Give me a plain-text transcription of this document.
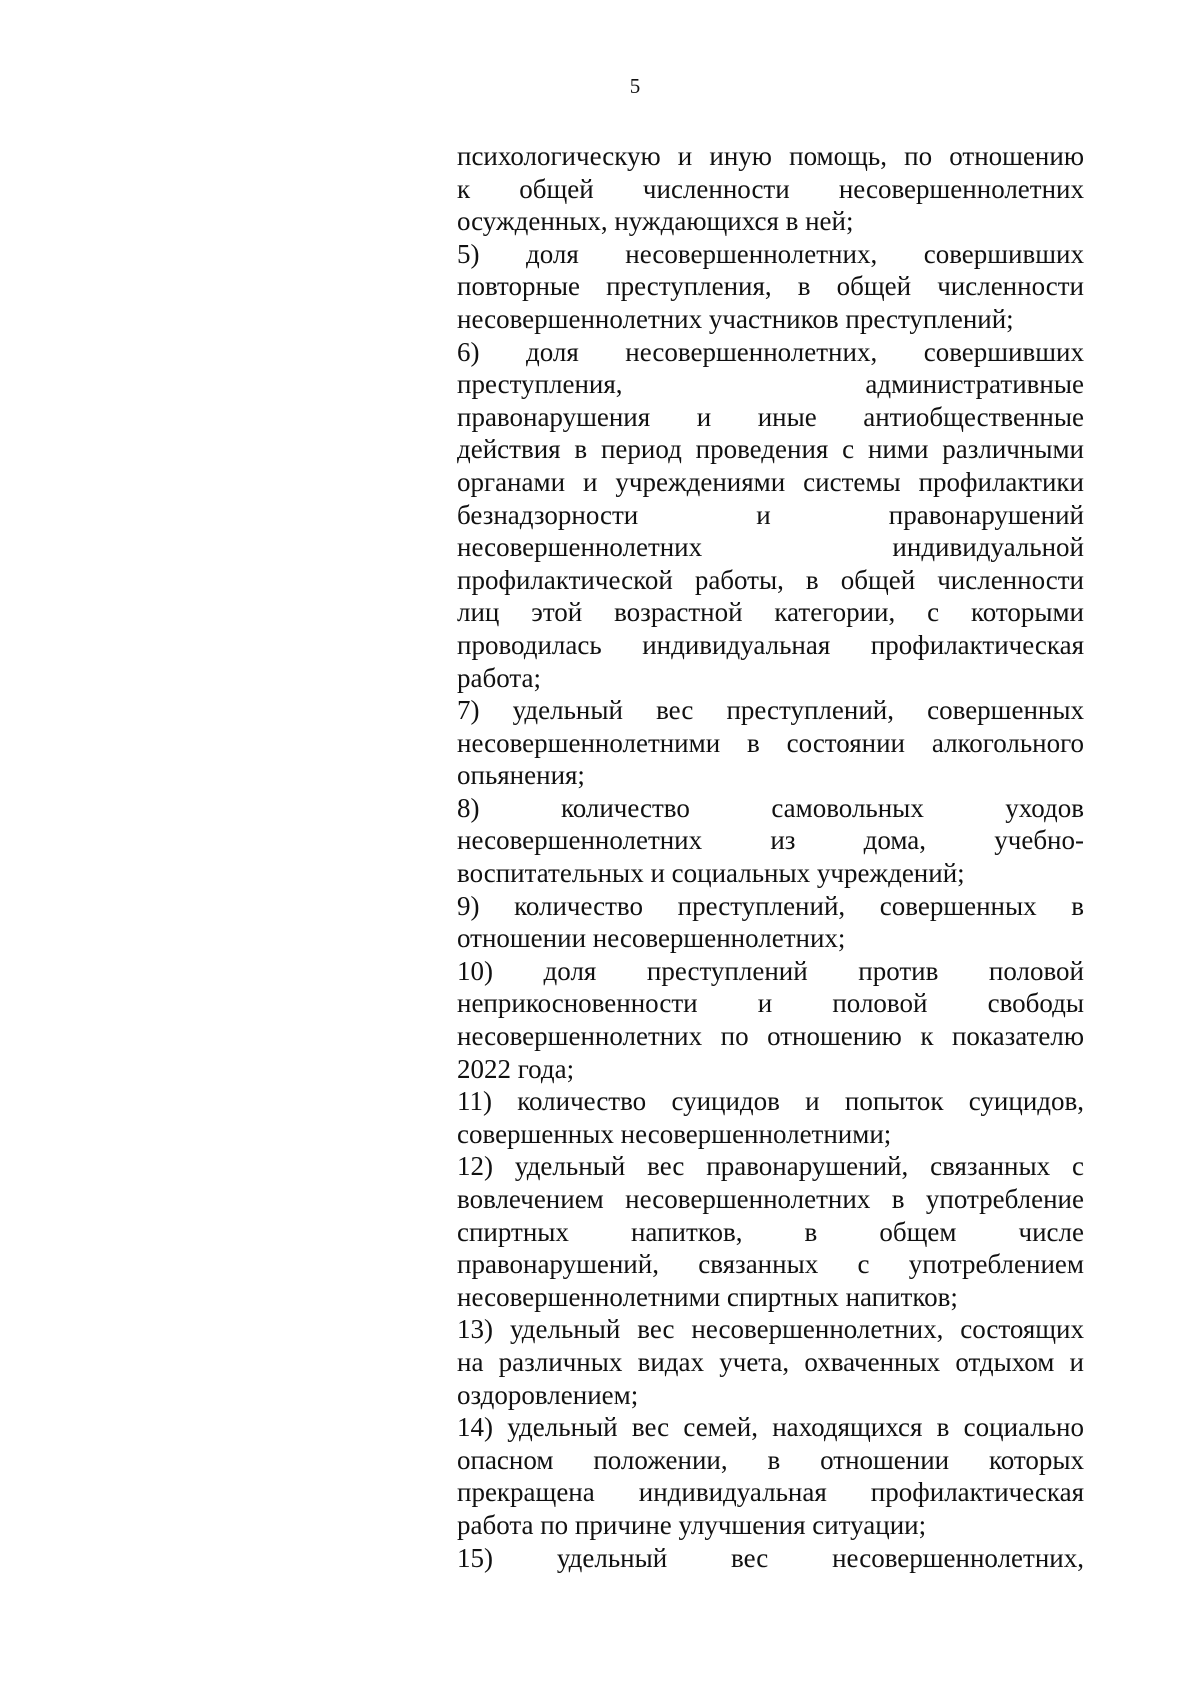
5
психологическую и иную помощь, по отношению
к общей численности несовершеннолетних
осужденных, нуждающихся в ней;
5) доля несовершеннолетних, совершивших
повторные преступления, в общей численности
несовершеннолетних участников преступлений;
6) доля несовершеннолетних, совершивших
преступления, административные
правонарушения и иные антиобщественные
действия в период проведения с ними различными
органами и учреждениями системы профилактики
безнадзорности и правонарушений
несовершеннолетних индивидуальной
профилактической работы, в общей численности
лиц этой возрастной категории, с которыми
проводилась индивидуальная профилактическая
работа;
7) удельный вес преступлений, совершенных
несовершеннолетними в состоянии алкогольного
опьянения;
8) количество самовольных уходов
несовершеннолетних из дома, учебно-
воспитательных и социальных учреждений;
9) количество преступлений, совершенных в
отношении несовершеннолетних;
10) доля преступлений против половой
неприкосновенности и половой свободы
несовершеннолетних по отношению к показателю
2022 года;
11) количество суицидов и попыток суицидов,
совершенных несовершеннолетними;
12) удельный вес правонарушений, связанных с
вовлечением несовершеннолетних в употребление
спиртных напитков, в общем числе
правонарушений, связанных с употреблением
несовершеннолетними спиртных напитков;
13) удельный вес несовершеннолетних, состоящих
на различных видах учета, охваченных отдыхом и
оздоровлением;
14) удельный вес семей, находящихся в социально
опасном положении, в отношении которых
прекращена индивидуальная профилактическая
работа по причине улучшения ситуации;
15) удельный вес несовершеннолетних,
